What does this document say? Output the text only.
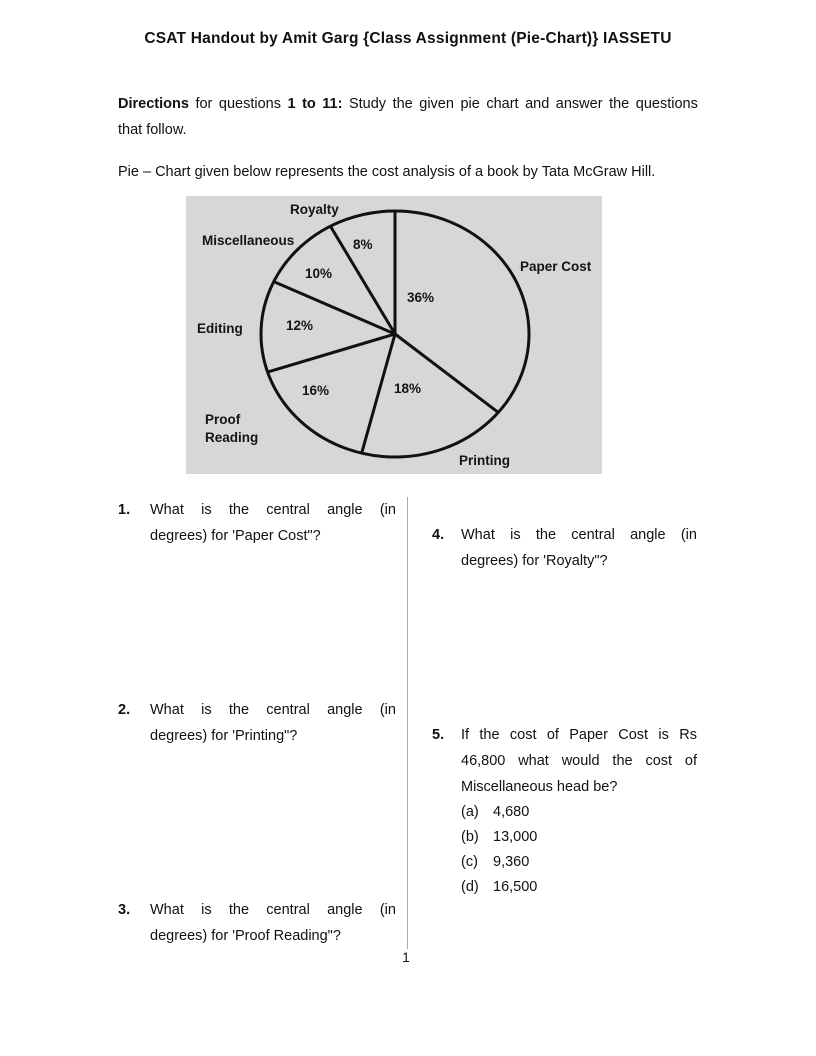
CSAT Handout by Amit Garg {Class Assignment (Pie-Chart)} IASSETU
Directions for questions 1 to 11: Study the given pie chart and answer the questions
that follow.
Pie – Chart given below represents the cost analysis of a book by Tata McGraw Hill.
Royalty
Miscellaneous	8%
10%	Paper Cost
36%
Editing	12%
16%	18%
Proof Reading
Printing
1.	What is the central angle (in
degrees) for 'Paper Cost"?
2.	What is the central angle (in
degrees) for 'Printing"?
3.	What is the central angle (in
degrees) for 'Proof Reading"?
4.	What is the central angle (in
degrees) for 'Royalty"?
5.	If the cost of Paper Cost is Rs
46,800 what would the cost of
Miscellaneous head be?
(a) 4,680
(b) 13,000
(c)	9,360
(d) 16,500
1
